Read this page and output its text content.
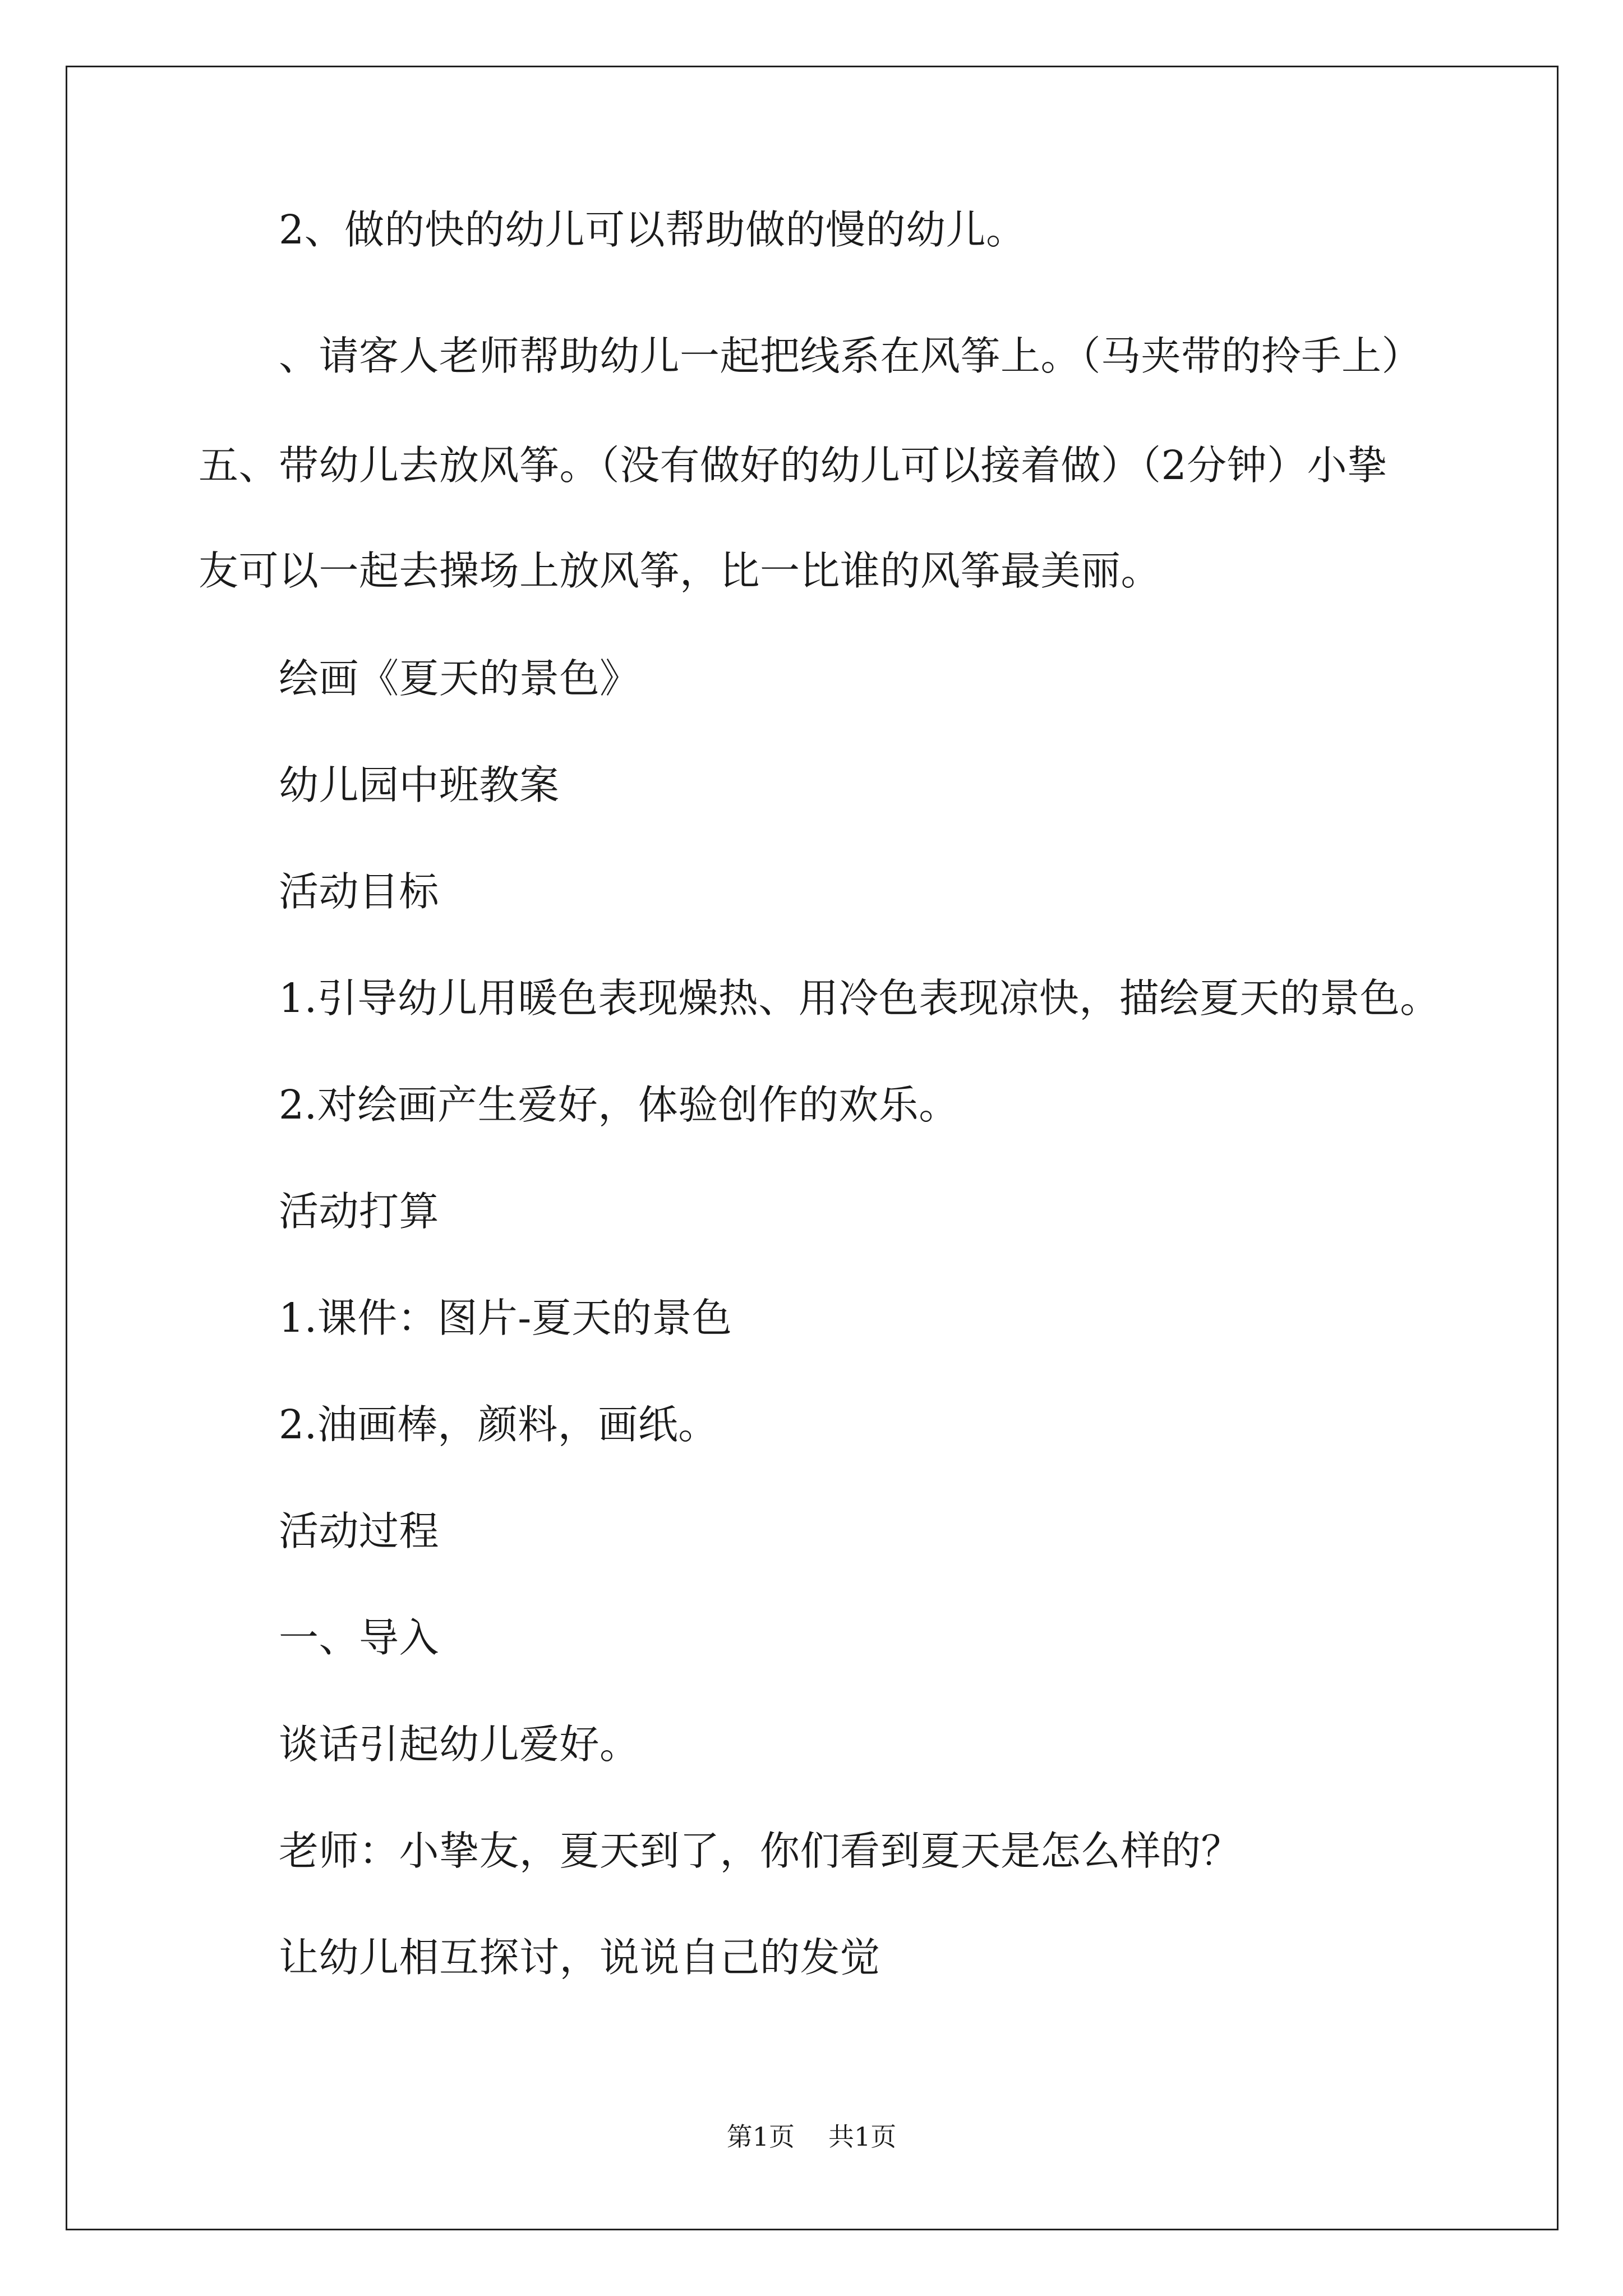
2、做的快的幼儿可以帮助做的慢的幼儿。
、请客人老师帮助幼儿一起把线系在风筝上。（马夹带的拎手上）
五、带幼儿去放风筝。（没有做好的幼儿可以接着做）（2分钟）小挚
友可以一起去操场上放风筝，比一比谁的风筝最美丽。
绘画《夏天的景色》
幼儿园中班教案
活动目标
1.引导幼儿用暖色表现燥热、用冷色表现凉快，描绘夏天的景色。
2.对绘画产生爱好，体验创作的欢乐。
活动打算
1.课件：图片-夏天的景色
2.油画棒，颜料，画纸。
活动过程
一、导入
谈话引起幼儿爱好。
老师：小挚友，夏天到了，你们看到夏天是怎么样的？
让幼儿相互探讨，说说自己的发觉
第1页 共1页
